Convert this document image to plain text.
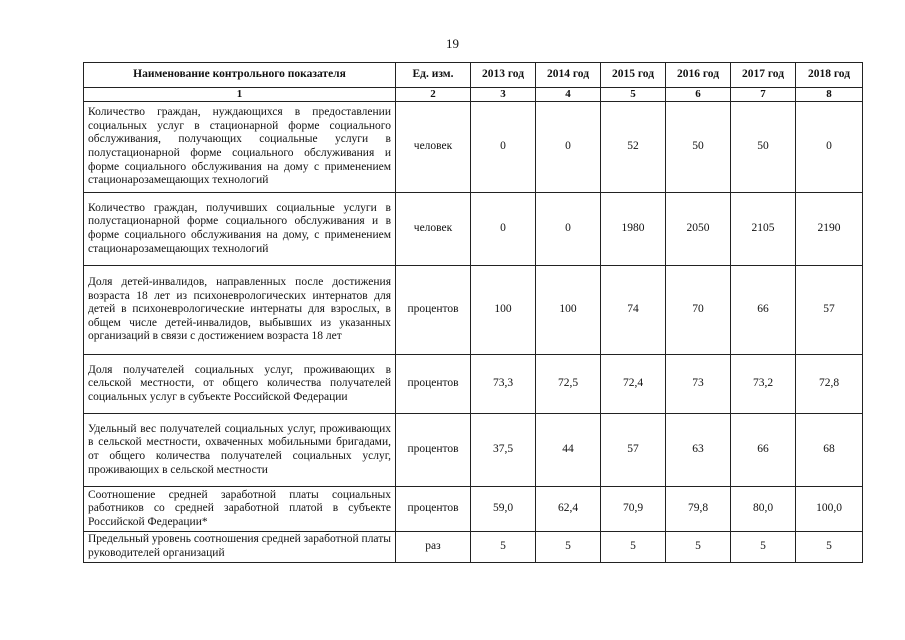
19
Наименование контрольного показателя	Ед. изм.	2013 год	2014 год	2015 год	2016 год	2017 год	2018 год
1	2	3	4	5	6	7	8
Количество граждан, нуждающихся в предоставлении социальных услуг в стационарной форме социального обслуживания, получающих социальные услуги в полустационарной форме социального обслуживания и форме социального обслуживания на дому с применением стационарозамещающих технологий	человек	0	0	52	50	50	0
Количество граждан, получивших социальные услуги в полустационарной форме социального обслуживания и в форме социального обслуживания на дому, с применением стационарозамещающих технологий	человек	0	0	1980	2050	2105	2190
Доля детей-инвалидов, направленных после достижения возраста 18 лет из психоневрологических интернатов для детей в психоневрологические интернаты для взрослых, в общем числе детей-инвалидов, выбывших из указанных организаций в связи с достижением возраста 18 лет	процентов	100	100	74	70	66	57
Доля получателей социальных услуг, проживающих в сельской местности, от общего количества получателей социальных услуг в субъекте Российской Федерации	процентов	73,3	72,5	72,4	73	73,2	72,8
Удельный вес получателей социальных услуг, проживающих в сельской местности, охваченных мобильными бригадами, от общего количества получателей социальных услуг, проживающих в сельской местности	процентов	37,5	44	57	63	66	68
Соотношение средней заработной платы социальных работников со средней заработной платой в субъекте Российской Федерации*	процентов	59,0	62,4	70,9	79,8	80,0	100,0
Предельный уровень соотношения средней заработной платы руководителей организаций	раз	5	5	5	5	5	5
